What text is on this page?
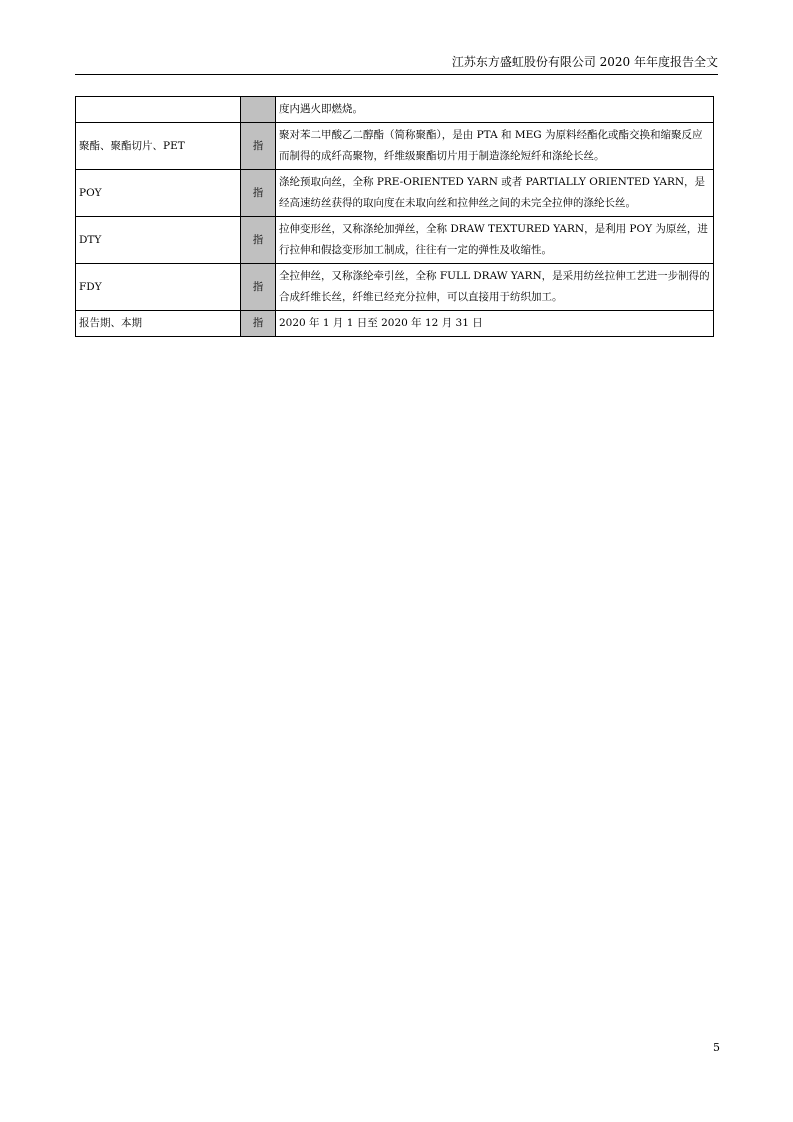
江苏东方盛虹股份有限公司 2020 年年度报告全文
		度内遇火即燃烧。
聚酯、聚酯切片、PET	指	聚对苯二甲酸乙二醇酯（简称聚酯），是由 PTA 和 MEG 为原料经酯化或酯交换和缩聚反应而制得的成纤高聚物，纤维级聚酯切片用于制造涤纶短纤和涤纶长丝。
POY	指	涤纶预取向丝，全称 PRE-ORIENTED YARN 或者 PARTIALLY ORIENTED YARN，是经高速纺丝获得的取向度在未取向丝和拉伸丝之间的未完全拉伸的涤纶长丝。
DTY	指	拉伸变形丝，又称涤纶加弹丝，全称 DRAW TEXTURED YARN，是利用 POY 为原丝，进行拉伸和假捻变形加工制成，往往有一定的弹性及收缩性。
FDY	指	全拉伸丝，又称涤纶牵引丝，全称 FULL DRAW YARN，是采用纺丝拉伸工艺进一步制得的合成纤维长丝，纤维已经充分拉伸，可以直接用于纺织加工。
报告期、本期	指	2020 年 1 月 1 日至 2020 年 12 月 31 日
5
